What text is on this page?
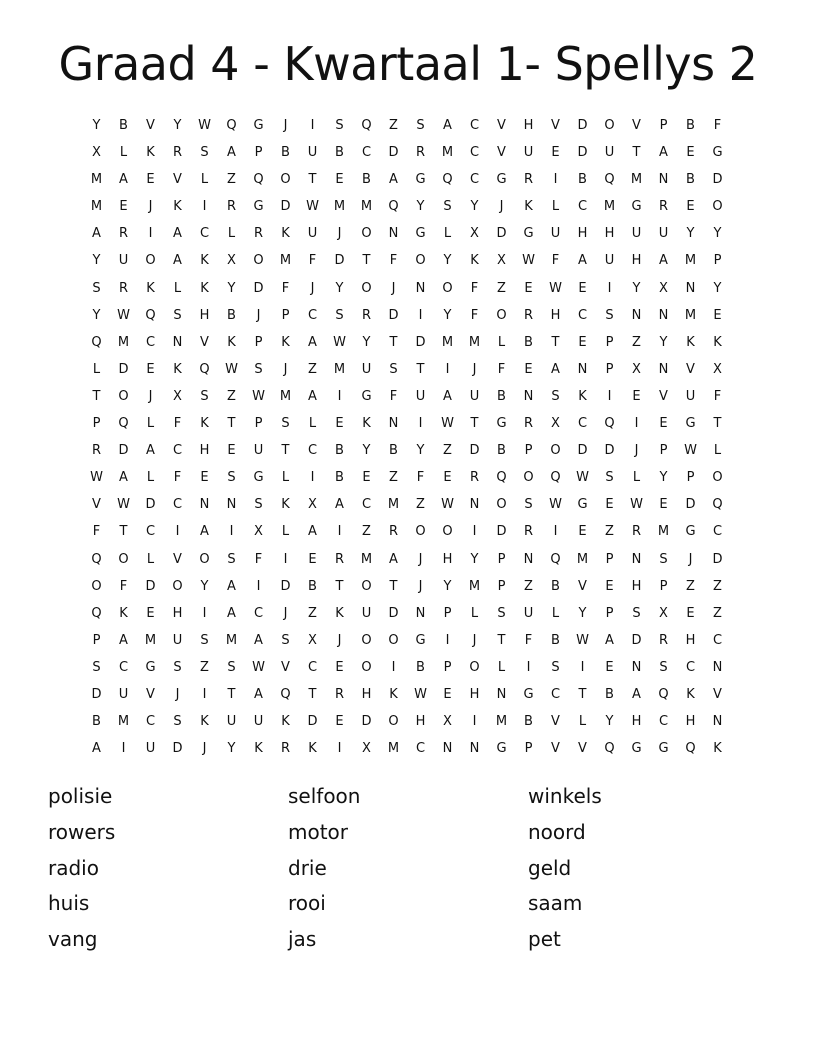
Graad 4 - Kwartaal 1- Spellys 2
Y	B	V	Y	W	Q	G	J	I	S	Q	Z	S	A	C	V	H	V	D	O	V	P	B	F
X	L	K	R	S	A	P	B	U	B	C	D	R	M	C	V	U	E	D	U	T	A	E	G
M	A	E	V	L	Z	Q	O	T	E	B	A	G	Q	C	G	R	I	B	Q	M	N	B	D
M	E	J	K	I	R	G	D	W	M	M	Q	Y	S	Y	J	K	L	C	M	G	R	E	O
A	R	I	A	C	L	R	K	U	J	O	N	G	L	X	D	G	U	H	H	U	U	Y	Y
Y	U	O	A	K	X	O	M	F	D	T	F	O	Y	K	X	W	F	A	U	H	A	M	P
S	R	K	L	K	Y	D	F	J	Y	O	J	N	O	F	Z	E	W	E	I	Y	X	N	Y
Y	W	Q	S	H	B	J	P	C	S	R	D	I	Y	F	O	R	H	C	S	N	N	M	E
Q	M	C	N	V	K	P	K	A	W	Y	T	D	M	M	L	B	T	E	P	Z	Y	K	K
L	D	E	K	Q	W	S	J	Z	M	U	S	T	I	J	F	E	A	N	P	X	N	V	X
T	O	J	X	S	Z	W	M	A	I	G	F	U	A	U	B	N	S	K	I	E	V	U	F
P	Q	L	F	K	T	P	S	L	E	K	N	I	W	T	G	R	X	C	Q	I	E	G	T
R	D	A	C	H	E	U	T	C	B	Y	B	Y	Z	D	B	P	O	D	D	J	P	W	L
W	A	L	F	E	S	G	L	I	B	E	Z	F	E	R	Q	O	Q	W	S	L	Y	P	O
V	W	D	C	N	N	S	K	X	A	C	M	Z	W	N	O	S	W	G	E	W	E	D	Q
F	T	C	I	A	I	X	L	A	I	Z	R	O	O	I	D	R	I	E	Z	R	M	G	C
Q	O	L	V	O	S	F	I	E	R	M	A	J	H	Y	P	N	Q	M	P	N	S	J	D
O	F	D	O	Y	A	I	D	B	T	O	T	J	Y	M	P	Z	B	V	E	H	P	Z	Z
Q	K	E	H	I	A	C	J	Z	K	U	D	N	P	L	S	U	L	Y	P	S	X	E	Z
P	A	M	U	S	M	A	S	X	J	O	O	G	I	J	T	F	B	W	A	D	R	H	C
S	C	G	S	Z	S	W	V	C	E	O	I	B	P	O	L	I	S	I	E	N	S	C	N
D	U	V	J	I	T	A	Q	T	R	H	K	W	E	H	N	G	C	T	B	A	Q	K	V
B	M	C	S	K	U	U	K	D	E	D	O	H	X	I	M	B	V	L	Y	H	C	H	N
A	I	U	D	J	Y	K	R	K	I	X	M	C	N	N	G	P	V	V	Q	G	G	Q	K
polisie	selfoon	winkels
rowers	motor	noord
radio	drie	geld
huis	rooi	saam
vang	jas	pet
